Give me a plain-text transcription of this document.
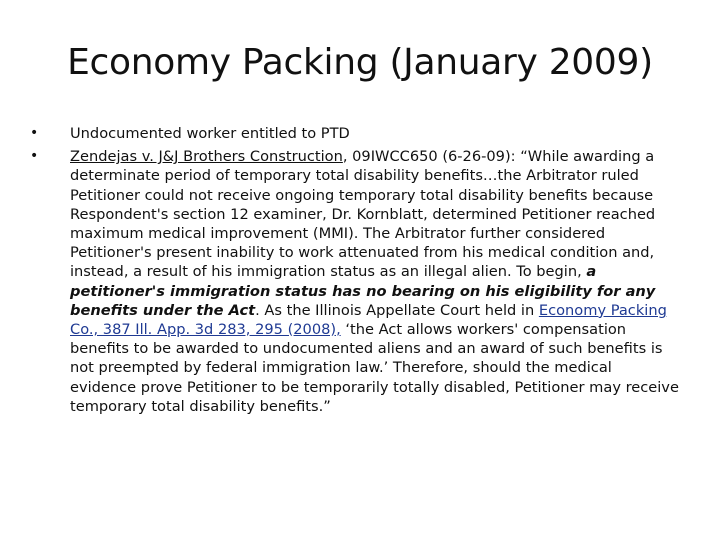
Economy Packing (January 2009)
•	Undocumented worker entitled to PTD
•	Zendejas v. J&J Brothers Construction, 09IWCC650 (6-26-09): “While awarding a determinate period of temporary total disability benefits…the Arbitrator ruled Petitioner could not receive ongoing temporary total disability benefits because Respondent's section 12 examiner, Dr. Kornblatt, determined Petitioner reached maximum medical improvement (MMI). The Arbitrator further considered Petitioner's present inability to work attenuated from his medical condition and, instead, a result of his immigration status as an illegal alien. To begin, a petitioner's immigration status has no bearing on his eligibility for any benefits under the Act. As the Illinois Appellate Court held in Economy Packing Co., 387 Ill. App. 3d 283, 295 (2008), ‘the Act allows workers' compensation benefits to be awarded to undocumented aliens and an award of such benefits is not preempted by federal immigration law.’ Therefore, should the medical evidence prove Petitioner to be temporarily totally disabled, Petitioner may receive temporary total disability benefits.”
